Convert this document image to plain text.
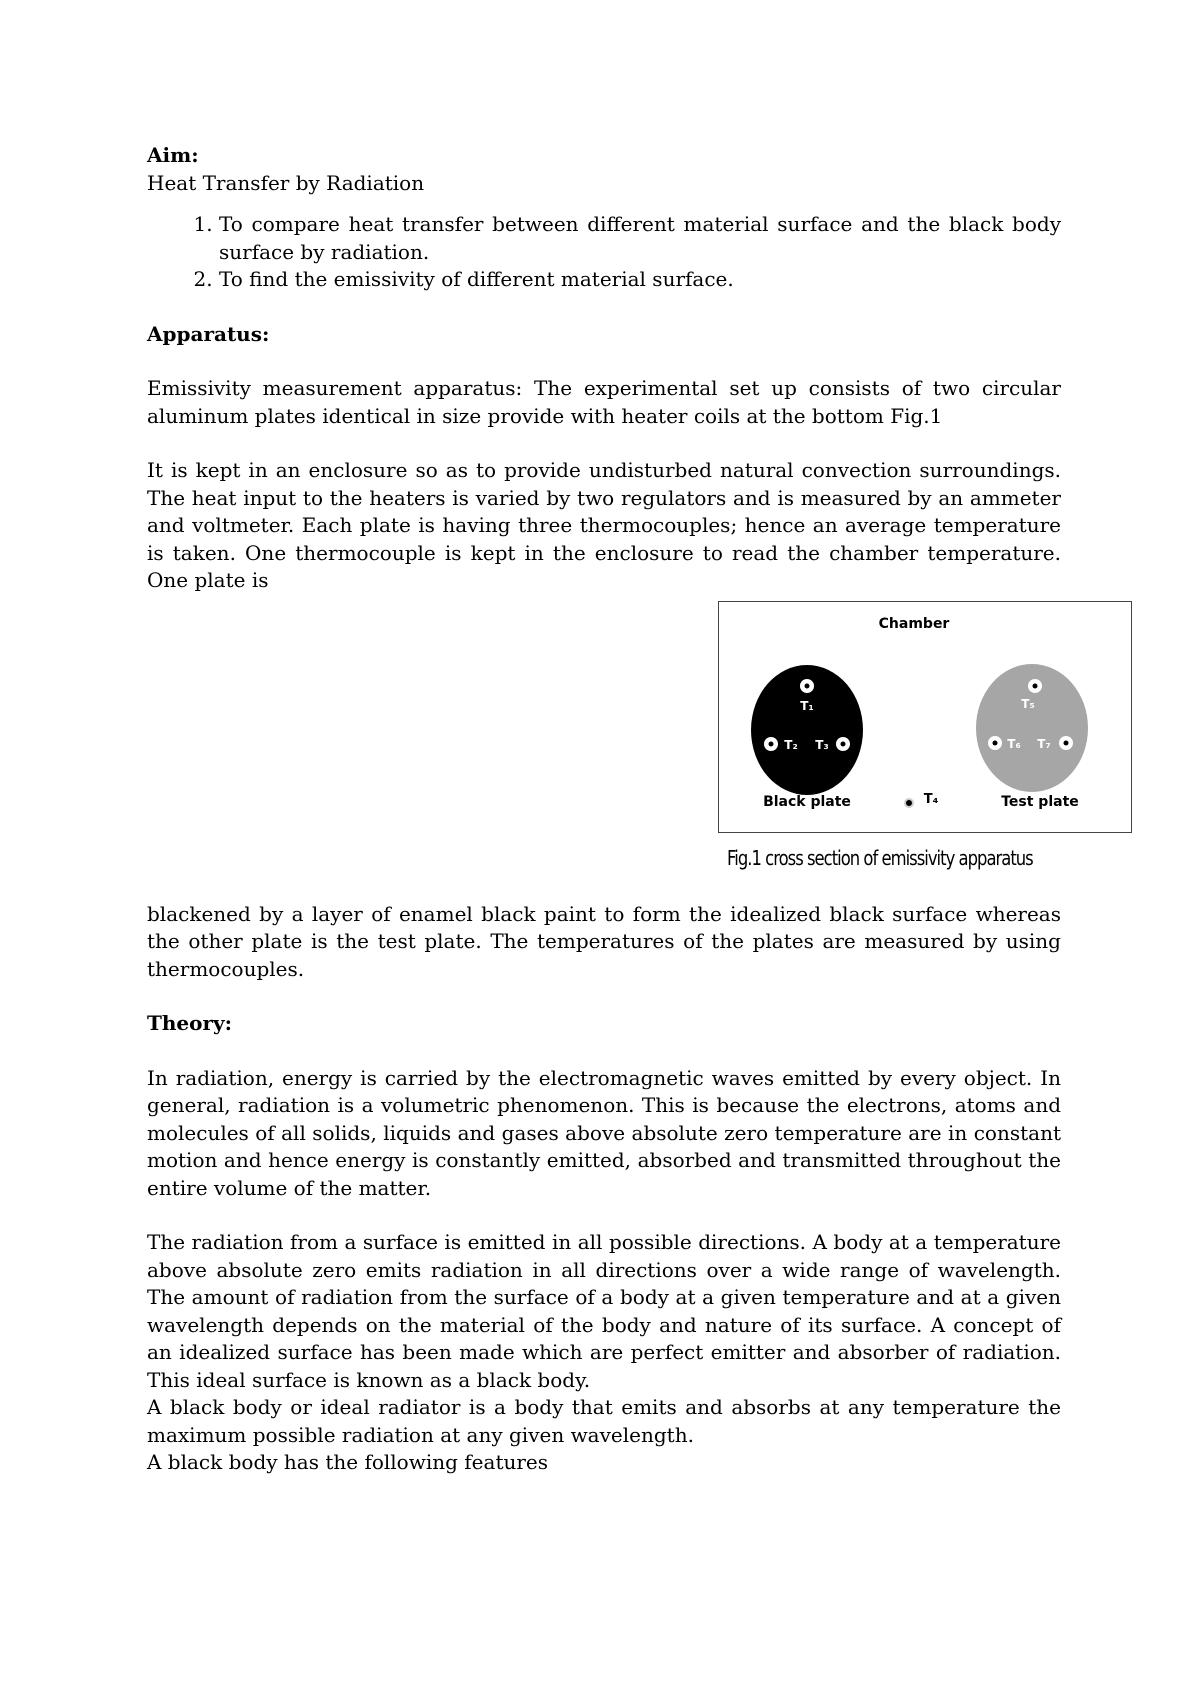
Aim:

Heat Transfer by Radiation

1. To compare heat transfer between different material surface and the black body surface by radiation.
2. To find the emissivity of different material surface.
Apparatus:

Emissivity measurement apparatus: The experimental set up consists of two circular aluminum plates identical in size provide with heater coils at the bottom Fig.1

It is kept in an enclosure so as to provide undisturbed natural convection surroundings. The heat input to the heaters is varied by two regulators and is measured by an ammeter and voltmeter. Each plate is having three thermocouples; hence an average temperature is taken. One thermocouple is kept in the enclosure to read the chamber temperature. One plate is

Chamber
T₁
T₂ T₃
T₅
T₆ T₇
T₄
Black plate	Test plate
Fig.1 cross section of emissivity apparatus

blackened by a layer of enamel black paint to form the idealized black surface whereas the other plate is the test plate. The temperatures of the plates are measured by using thermocouples.

Theory:

In radiation, energy is carried by the electromagnetic waves emitted by every object. In general, radiation is a volumetric phenomenon. This is because the electrons, atoms and molecules of all solids, liquids and gases above absolute zero temperature are in constant motion and hence energy is constantly emitted, absorbed and transmitted throughout the entire volume of the matter.

The radiation from a surface is emitted in all possible directions. A body at a temperature above absolute zero emits radiation in all directions over a wide range of wavelength. The amount of radiation from the surface of a body at a given temperature and at a given wavelength depends on the material of the body and nature of its surface. A concept of an idealized surface has been made which are perfect emitter and absorber of radiation. This ideal surface is known as a black body.

A black body or ideal radiator is a body that emits and absorbs at any temperature the maximum possible radiation at any given wavelength.

A black body has the following features
